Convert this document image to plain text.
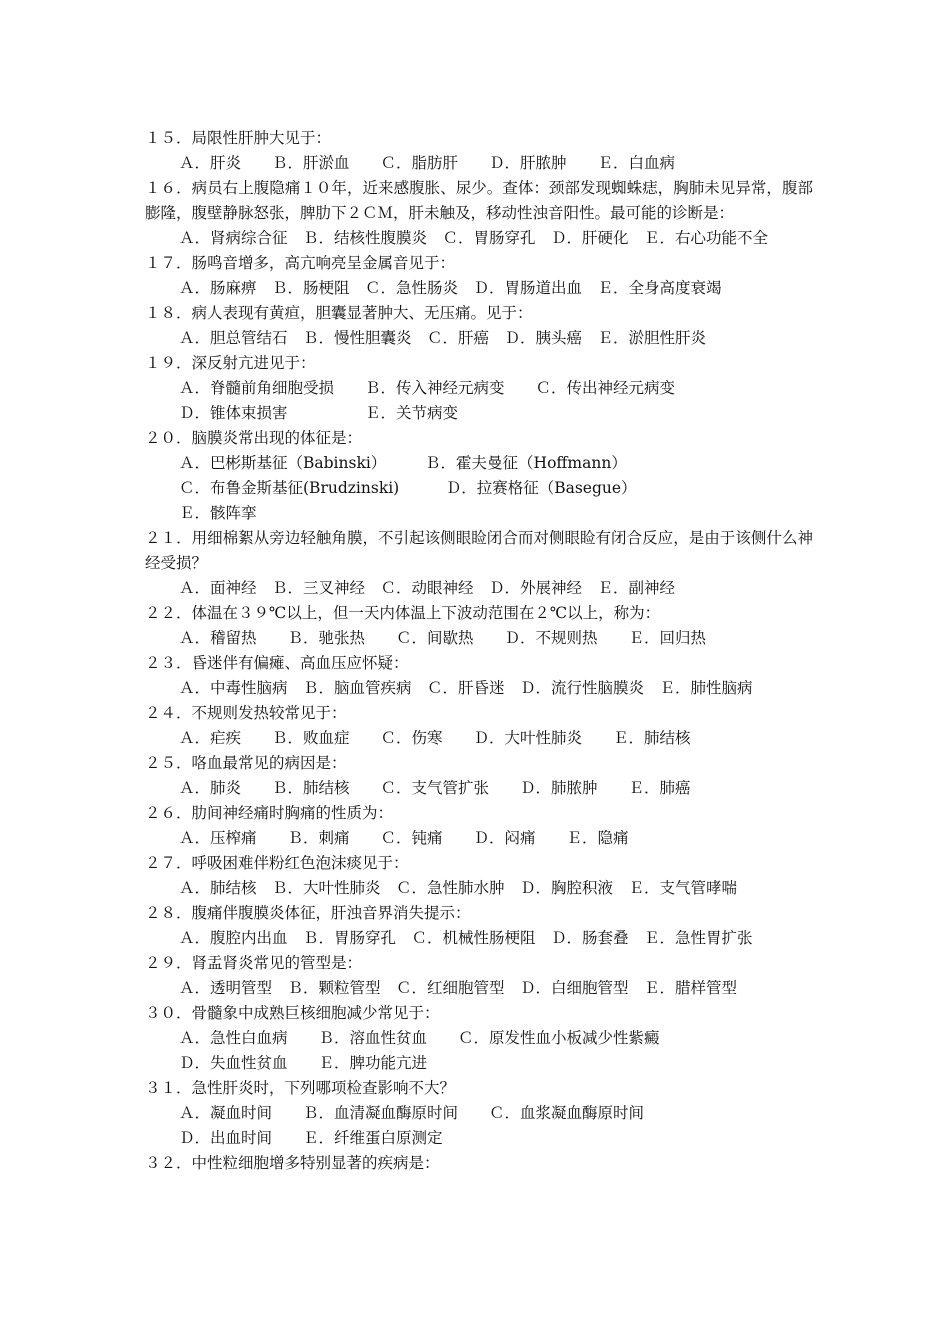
１５．局限性肝肿大见于：
Ａ．肝炎　　Ｂ．肝淤血　　Ｃ．脂肪肝　　Ｄ．肝脓肿　　Ｅ．白血病
１６．病员右上腹隐痛１０年，近来感腹胀、尿少。查体：颈部发现蜘蛛痣，胸肺未见异常，腹部膨隆，腹壁静脉怒张，脾肋下２ＣＭ，肝未触及，移动性浊音阳性。最可能的诊断是：
Ａ．肾病综合征　Ｂ．结核性腹膜炎　Ｃ．胃肠穿孔　Ｄ．肝硬化　Ｅ．右心功能不全
１７．肠鸣音增多，高亢响亮呈金属音见于：
Ａ．肠麻痹　Ｂ．肠梗阻　Ｃ．急性肠炎　Ｄ．胃肠道出血　Ｅ．全身高度衰竭
１８．病人表现有黄疸，胆囊显著肿大、无压痛。见于：
Ａ．胆总管结石　Ｂ．慢性胆囊炎　Ｃ．肝癌　Ｄ．胰头癌　Ｅ．淤胆性肝炎
１９．深反射亢进见于：
Ａ．脊髓前角细胞受损　　Ｂ．传入神经元病变　　Ｃ．传出神经元病变
Ｄ．锥体束损害　　　　　Ｅ．关节病变
２０．脑膜炎常出现的体征是：
Ａ．巴彬斯基征（Babinski）　　　Ｂ．霍夫曼征（Hoffmann）
Ｃ．布鲁金斯基征(Brudzinski)　　　Ｄ．拉赛格征（Basegue）
Ｅ．骸阵挛
２１．用细棉絮从旁边轻触角膜，不引起该侧眼睑闭合而对侧眼睑有闭合反应，是由于该侧什么神经受损？
Ａ．面神经　Ｂ．三叉神经　Ｃ．动眼神经　Ｄ．外展神经　Ｅ．副神经
２２．体温在３９℃以上，但一天内体温上下波动范围在２℃以上，称为：
Ａ．稽留热　　Ｂ．驰张热　　Ｃ．间歇热　　Ｄ．不规则热　　Ｅ．回归热
２３．昏迷伴有偏瘫、高血压应怀疑：
Ａ．中毒性脑病　Ｂ．脑血管疾病　Ｃ．肝昏迷　Ｄ．流行性脑膜炎　Ｅ．肺性脑病
２４．不规则发热较常见于：
Ａ．疟疾　　Ｂ．败血症　　Ｃ．伤寒　　Ｄ．大叶性肺炎　　Ｅ．肺结核
２５．咯血最常见的病因是：
Ａ．肺炎　　Ｂ．肺结核　　Ｃ．支气管扩张　　Ｄ．肺脓肿　　Ｅ．肺癌
２６．肋间神经痛时胸痛的性质为：
Ａ．压榨痛　　Ｂ．刺痛　　Ｃ．钝痛　　Ｄ．闷痛　　Ｅ．隐痛
２７．呼吸困难伴粉红色泡沫痰见于：
Ａ．肺结核　Ｂ．大叶性肺炎　Ｃ．急性肺水肿　Ｄ．胸腔积液　Ｅ．支气管哮喘
２８．腹痛伴腹膜炎体征，肝浊音界消失提示：
Ａ．腹腔内出血　Ｂ．胃肠穿孔　Ｃ．机械性肠梗阻　Ｄ．肠套叠　Ｅ．急性胃扩张
２９．肾盂肾炎常见的管型是：
Ａ．透明管型　Ｂ．颗粒管型　Ｃ．红细胞管型　Ｄ．白细胞管型　Ｅ．腊样管型
３０．骨髓象中成熟巨核细胞减少常见于：
Ａ．急性白血病　　Ｂ．溶血性贫血　　Ｃ．原发性血小板减少性紫癜
Ｄ．失血性贫血　　Ｅ．脾功能亢进
３１．急性肝炎时，下列哪项检查影响不大？
Ａ．凝血时间　　Ｂ．血清凝血酶原时间　　Ｃ．血浆凝血酶原时间
Ｄ．出血时间　　Ｅ．纤维蛋白原测定
３２．中性粒细胞增多特别显著的疾病是：
